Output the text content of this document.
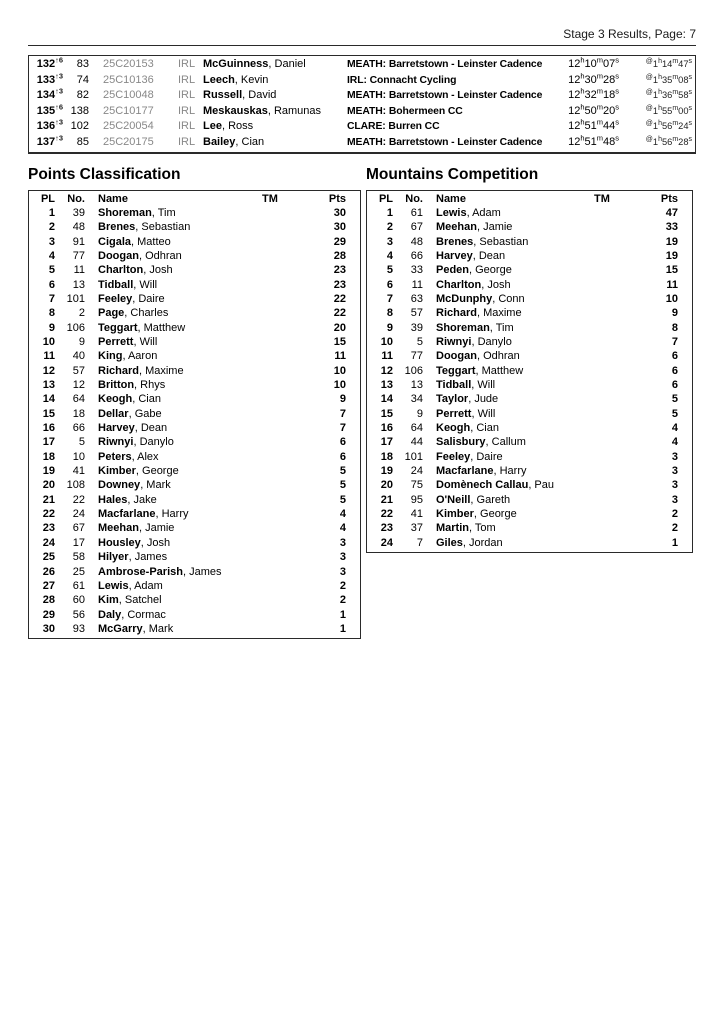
Stage 3 Results, Page: 7
$132^{↑6}$	83	25C20153	IRL McGuinness, Daniel	MEATH: Barretstown - Leinster Cadence	12$^h$10$^m$07$^s$	@1$^h$14$^m$47$^s$
$133^{↑3}$	74	25C10136	IRL Leech, Kevin	IRL: Connacht Cycling	12$^h$30$^m$28$^s$	@1$^h$35$^m$08$^s$
$134^{↑3}$	82	25C10048	IRL Russell, David	MEATH: Barretstown - Leinster Cadence	12$^h$32$^m$18$^s$	@1$^h$36$^m$58$^s$
$135^{↑6}$ 138	25C10177	IRL Meskauskas, Ramunas	MEATH: Bohermeen CC	12$^h$50$^m$20$^s$	@1$^h$55$^m$00$^s$
$136^{↑3}$ 102	25C20054	IRL Lee, Ross	CLARE: Burren CC	12$^h$51$^m$44$^s$	@1$^h$56$^m$24$^s$
$137^{↑3}$	85	25C20175	IRL Bailey, Cian	MEATH: Barretstown - Leinster Cadence	12$^h$51$^m$48$^s$	@1$^h$56$^m$28$^s$
Points Classification
PL	No.	Name	TM	Pts
1	39	Shoreman, Tim	30
2	48	Brenes, Sebastian	30
3	91	Cigala, Matteo	29
4	77	Doogan, Odhran	28
5	11	Charlton, Josh	23
6	13	Tidball, Will	23
7	101	Feeley, Daire	22
8	2	Page, Charles	22
9	106	Teggart, Matthew	20
10	9	Perrett, Will	15
11	40	King, Aaron	11
12	57	Richard, Maxime	10
13	12	Britton, Rhys	10
14	64	Keogh, Cian	9
15	18	Dellar, Gabe	7
16	66	Harvey, Dean	7
17	5	Riwnyi, Danylo	6
18	10	Peters, Alex	6
19	41	Kimber, George	5
20	108	Downey, Mark	5
21	22	Hales, Jake	5
22	24	Macfarlane, Harry	4
23	67	Meehan, Jamie	4
24	17	Housley, Josh	3
25	58	Hilyer, James	3
26	25	Ambrose-Parish, James	3
27	61	Lewis, Adam	2
28	60	Kim, Satchel	2
29	56	Daly, Cormac	1
30	93	McGarry, Mark	1
Mountains Competition
PL	No.	Name	TM	Pts
1	61	Lewis, Adam	47
2	67	Meehan, Jamie	33
3	48	Brenes, Sebastian	19
4	66	Harvey, Dean	19
5	33	Peden, George	15
6	11	Charlton, Josh	11
7	63	McDunphy, Conn	10
8	57	Richard, Maxime	9
9	39	Shoreman, Tim	8
10	5	Riwnyi, Danylo	7
11	77	Doogan, Odhran	6
12	106	Teggart, Matthew	6
13	13	Tidball, Will	6
14	34	Taylor, Jude	5
15	9	Perrett, Will	5
16	64	Keogh, Cian	4
17	44	Salisbury, Callum	4
18	101	Feeley, Daire	3
19	24	Macfarlane, Harry	3
20	75	Domènech Callau, Pau	3
21	95	O'Neill, Gareth	3
22	41	Kimber, George	2
23	37	Martin, Tom	2
24	7	Giles, Jordan	1
